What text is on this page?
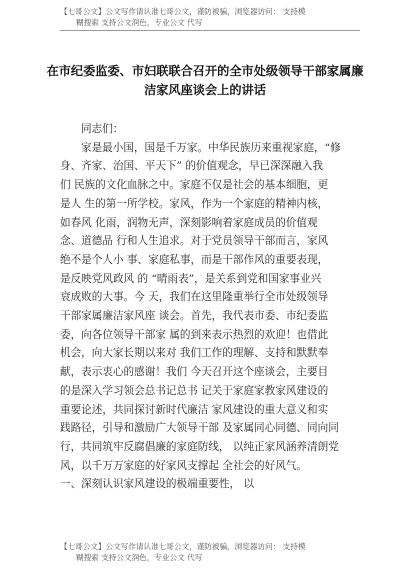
【七哥公文】公文写作请认准七哥公文，谨防被骗，浏览器访问： 支持模
糊搜索 支持公文润色，专业公文 代写
在市纪委监委、市妇联联合召开的全市处级领导干部家属廉
洁家风座谈会上的讲话
同志们：
家是最小国，国是千万家。中华民族历来重视家庭，“修
身、齐家、治国、平天下” 的价值观念，早已深深融入我
们 民族的文化血脉之中。家庭不仅是社会的基本细胞，更
是人 生的第一所学校。家风，作为一个家庭的精神内核，
如春风 化雨，润物无声，深刻影响着家庭成员的价值观
念、道德品 行和人生追求。对于党员领导干部而言，家风
绝不是个人小 事、家庭私事，而是干部作风的重要表现，
是反映党风政风 的 “晴雨表”，是关系到党和国家事业兴
衰成败的大事。今 天，我们在这里隆重举行全市处级领导
干部家属廉洁家风座 谈会。首先，我代表市委、市纪委监
委，向各位领导干部家 属的到来表示热烈的欢迎！也借此
机会，向大家长期以来对 我们工作的理解、支持和默默奉
献，表示衷心的感谢！我们 今天召开这个座谈会，主要目
的是深入学习领会总书记总书 记关于家庭家教家风建设的
重要论述，共同探讨新时代廉洁 家风建设的重大意义和实
践路径，引导和激励广大领导干部 及家属同心同德、同向同
行，共同筑牢反腐倡廉的家庭防线， 以纯正家风涵养清朗党
风，以千万万家庭的好家风支撑起 全社会的好风气。
一、深刻认识家风建设的极端重要性， 以
【七哥公文】公文写作请认准七哥公文，谨防被骗，浏览器访问： 支持模
糊搜索 支持公文润色，专业公文 代写
